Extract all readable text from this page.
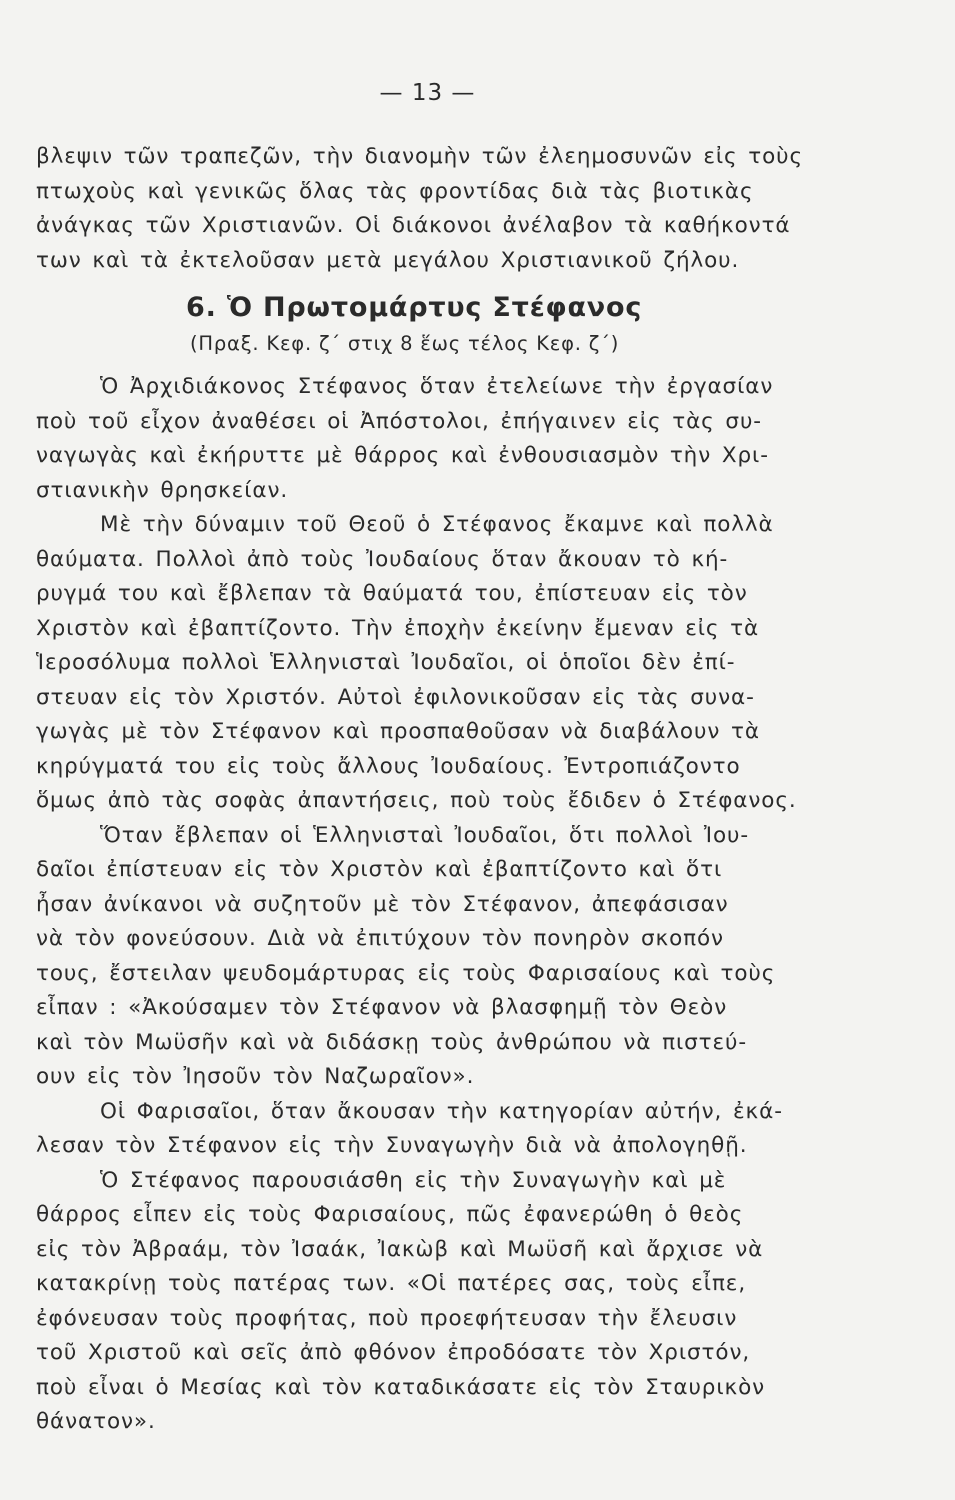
— 13 —
βλεψιν τῶν τραπεζῶν, τὴν διανομὴν τῶν ἐλεημοσυνῶν εἰς τοὺς
πτωχοὺς καὶ γενικῶς ὅλας τὰς φροντίδας διὰ τὰς βιοτικὰς
ἀνάγκας τῶν Χριστιανῶν. Οἱ διάκονοι ἀνέλαβον τὰ καθήκοντά
των καὶ τὰ ἐκτελοῦσαν μετὰ μεγάλου Χριστιανικοῦ ζήλου.
6. Ὁ Πρωτομάρτυς Στέφανος
(Πραξ. Κεφ. ζ΄ στιχ 8 ἕως τέλος Κεφ. ζ΄)
Ὁ Ἀρχιδιάκονος Στέφανος ὅταν ἐτελείωνε τὴν ἐργασίαν
ποὺ τοῦ εἶχον ἀναθέσει οἱ Ἀπόστολοι, ἐπήγαινεν εἰς τὰς συ-
ναγωγὰς καὶ ἐκήρυττε μὲ θάρρος καὶ ἐνθουσιασμὸν τὴν Χρι-
στιανικὴν θρησκείαν.
Μὲ τὴν δύναμιν τοῦ Θεοῦ ὁ Στέφανος ἔκαμνε καὶ πολλὰ
θαύματα. Πολλοὶ ἀπὸ τοὺς Ἰουδαίους ὅταν ἄκουαν τὸ κή-
ρυγμά του καὶ ἔβλεπαν τὰ θαύματά του, ἐπίστευαν εἰς τὸν
Χριστὸν καὶ ἐβαπτίζοντο. Τὴν ἐποχὴν ἐκείνην ἔμεναν εἰς τὰ
Ἱεροσόλυμα πολλοὶ Ἑλληνισταὶ Ἰουδαῖοι, οἱ ὁποῖοι δὲν ἐπί-
στευαν εἰς τὸν Χριστόν. Αὐτοὶ ἐφιλονικοῦσαν εἰς τὰς συνα-
γωγὰς μὲ τὸν Στέφανον καὶ προσπαθοῦσαν νὰ διαβάλουν τὰ
κηρύγματά του εἰς τοὺς ἄλλους Ἰουδαίους. Ἐντροπιάζοντο
ὅμως ἀπὸ τὰς σοφὰς ἀπαντήσεις, ποὺ τοὺς ἔδιδεν ὁ Στέφανος.
Ὅταν ἔβλεπαν οἱ Ἑλληνισταὶ Ἰουδαῖοι, ὅτι πολλοὶ Ἰου-
δαῖοι ἐπίστευαν εἰς τὸν Χριστὸν καὶ ἐβαπτίζοντο καὶ ὅτι
ἦσαν ἀνίκανοι νὰ συζητοῦν μὲ τὸν Στέφανον, ἀπεφάσισαν
νὰ τὸν φονεύσουν. Διὰ νὰ ἐπιτύχουν τὸν πονηρὸν σκοπόν
τους, ἔστειλαν ψευδομάρτυρας εἰς τοὺς Φαρισαίους καὶ τοὺς
εἶπαν : «Ἀκούσαμεν τὸν Στέφανον νὰ βλασφημῇ τὸν Θεὸν
καὶ τὸν Μωϋσῆν καὶ νὰ διδάσκῃ τοὺς ἀνθρώπου νὰ πιστεύ-
ουν εἰς τὸν Ἰησοῦν τὸν Ναζωραῖον».
Οἱ Φαρισαῖοι, ὅταν ἄκουσαν τὴν κατηγορίαν αὐτήν, ἐκά-
λεσαν τὸν Στέφανον εἰς τὴν Συναγωγὴν διὰ νὰ ἀπολογηθῇ.
Ὁ Στέφανος παρουσιάσθη εἰς τὴν Συναγωγὴν καὶ μὲ
θάρρος εἶπεν εἰς τοὺς Φαρισαίους, πῶς ἐφανερώθη ὁ θεὸς
εἰς τὸν Ἀβραάμ, τὸν Ἰσαάκ, Ἰακὼβ καὶ Μωϋσῆ καὶ ἄρχισε νὰ
κατακρίνῃ τοὺς πατέρας των. «Οἱ πατέρες σας, τοὺς εἶπε,
ἐφόνευσαν τοὺς προφήτας, ποὺ προεφήτευσαν τὴν ἔλευσιν
τοῦ Χριστοῦ καὶ σεῖς ἀπὸ φθόνον ἐπροδόσατε τὸν Χριστόν,
ποὺ εἶναι ὁ Μεσίας καὶ τὸν καταδικάσατε εἰς τὸν Σταυρικὸν
θάνατον».
